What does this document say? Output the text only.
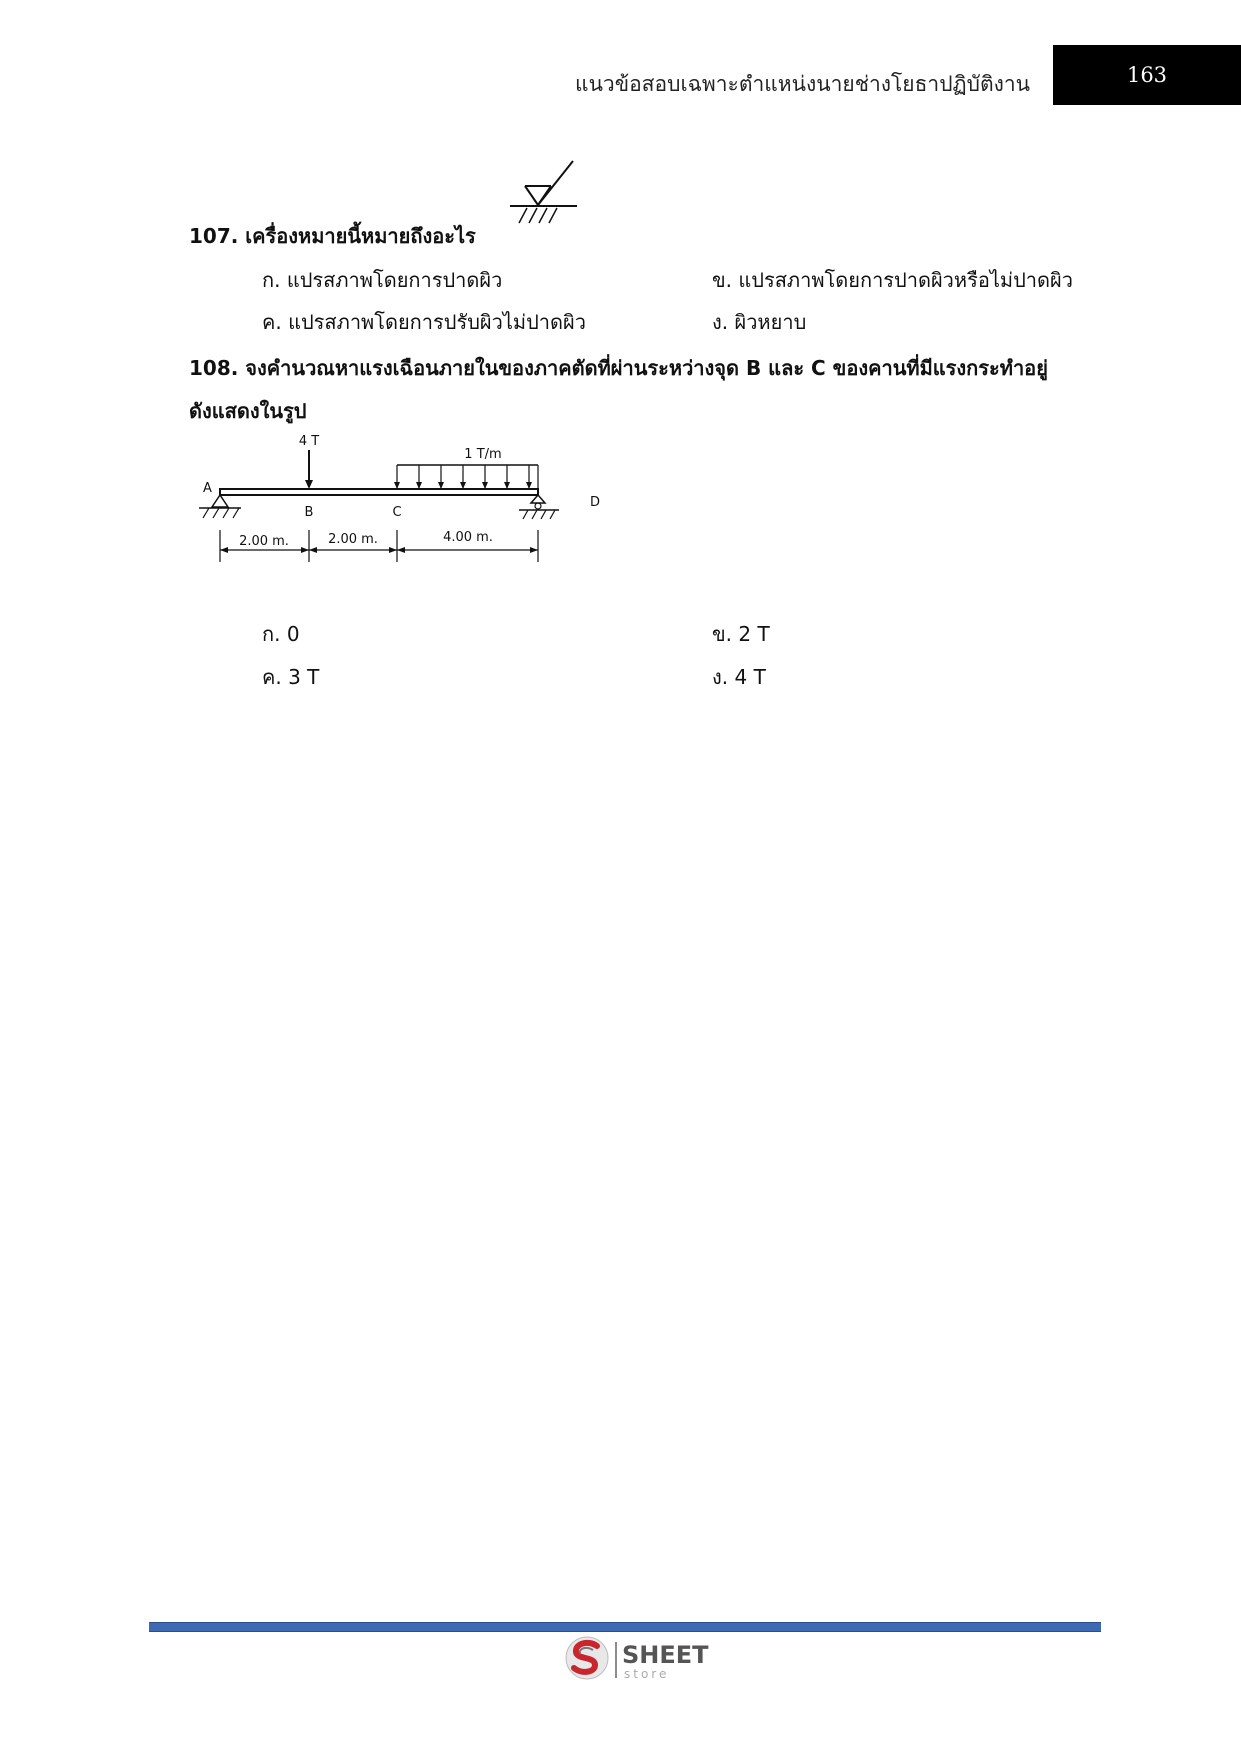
แนวข้อสอบเฉพาะตำแหน่งนายช่างโยธาปฏิบัติงาน	163
107. เครื่องหมายนี้หมายถึงอะไร
ก. แปรสภาพโดยการปาดผิว	ข. แปรสภาพโดยการปาดผิวหรือไม่ปาดผิว
ค. แปรสภาพโดยการปรับผิวไม่ปาดผิว	ง. ผิวหยาบ
108. จงคำนวณหาแรงเฉือนภายในของภาคตัดที่ผ่านระหว่างจุด B และ C ของคานที่มีแรงกระทำอยู่
ดังแสดงในรูป
4 T
1 T/m
A
B	C
D
2.00 m.	2.00 m.	4.00 m.
ก. 0	ข. 2 T
ค. 3 T	ง. 4 T
SHEET
store
